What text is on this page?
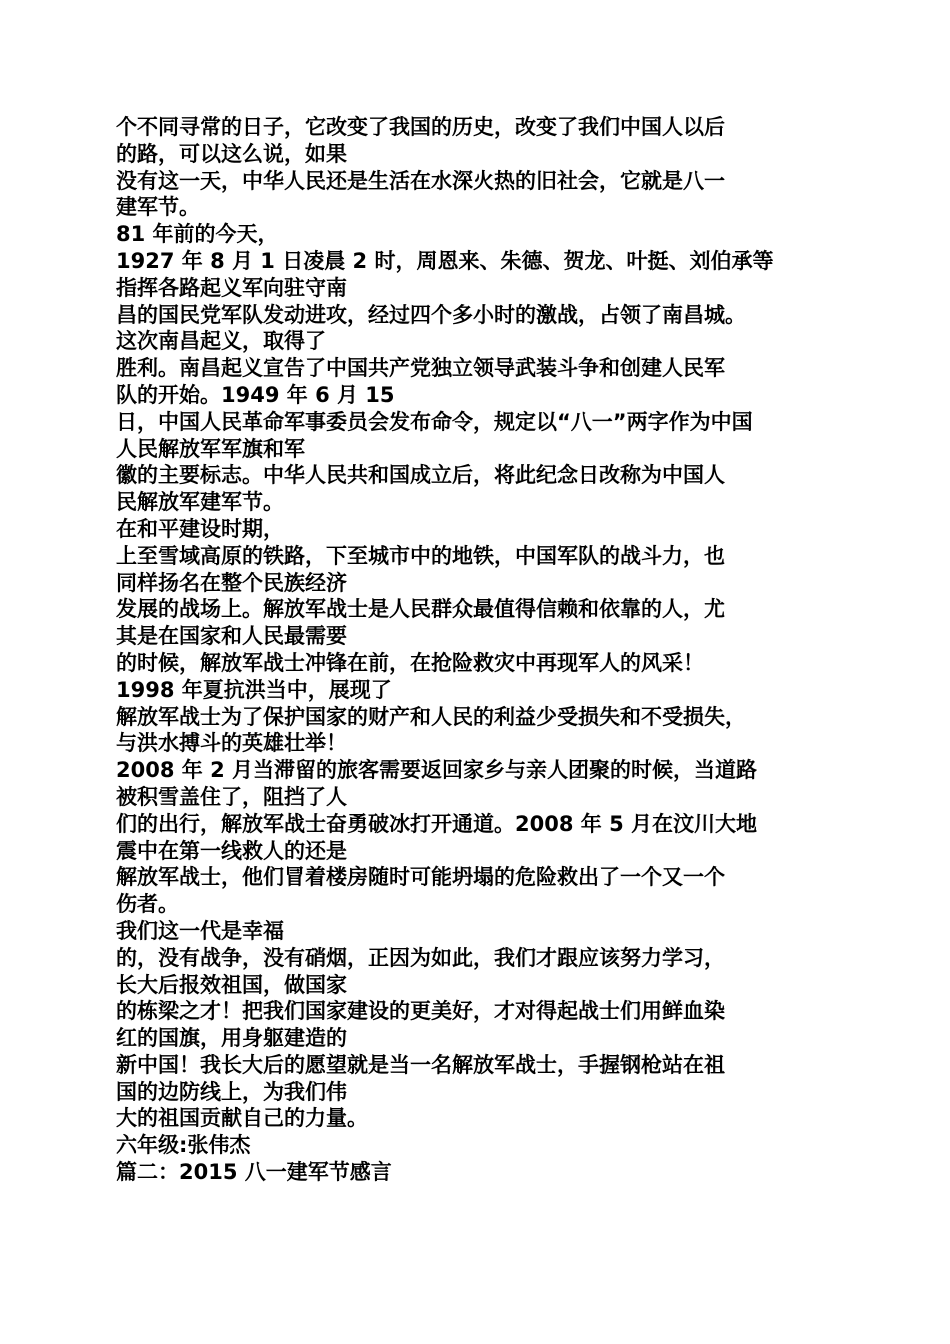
个不同寻常的日子，它改变了我国的历史，改变了我们中国人以后
的路，可以这么说，如果
没有这一天，中华人民还是生活在水深火热的旧社会，它就是八一
建军节。
81 年前的今天，
1927 年 8 月 1 日凌晨 2 时，周恩来、朱德、贺龙、叶挺、刘伯承等
指挥各路起义军向驻守南
昌的国民党军队发动进攻，经过四个多小时的激战，占领了南昌城。
这次南昌起义，取得了
胜利。南昌起义宣告了中国共产党独立领导武装斗争和创建人民军
队的开始。1949 年 6 月 15
日，中国人民革命军事委员会发布命令，规定以“八一”两字作为中国
人民解放军军旗和军
徽的主要标志。中华人民共和国成立后，将此纪念日改称为中国人
民解放军建军节。
在和平建设时期，
上至雪域高原的铁路，下至城市中的地铁，中国军队的战斗力，也
同样扬名在整个民族经济
发展的战场上。解放军战士是人民群众最值得信赖和依靠的人，尤
其是在国家和人民最需要
的时候，解放军战士冲锋在前，在抢险救灾中再现军人的风采！
1998 年夏抗洪当中，展现了
解放军战士为了保护国家的财产和人民的利益少受损失和不受损失，
与洪水搏斗的英雄壮举！
2008 年 2 月当滞留的旅客需要返回家乡与亲人团聚的时候，当道路
被积雪盖住了，阻挡了人
们的出行，解放军战士奋勇破冰打开通道。2008 年 5 月在汶川大地
震中在第一线救人的还是
解放军战士，他们冒着楼房随时可能坍塌的危险救出了一个又一个
伤者。
我们这一代是幸福
的，没有战争，没有硝烟，正因为如此，我们才跟应该努力学习，
长大后报效祖国，做国家
的栋梁之才！把我们国家建设的更美好，才对得起战士们用鲜血染
红的国旗，用身躯建造的
新中国！我长大后的愿望就是当一名解放军战士，手握钢枪站在祖
国的边防线上，为我们伟
大的祖国贡献自己的力量。
六年级:张伟杰
篇二：2015 八一建军节感言
